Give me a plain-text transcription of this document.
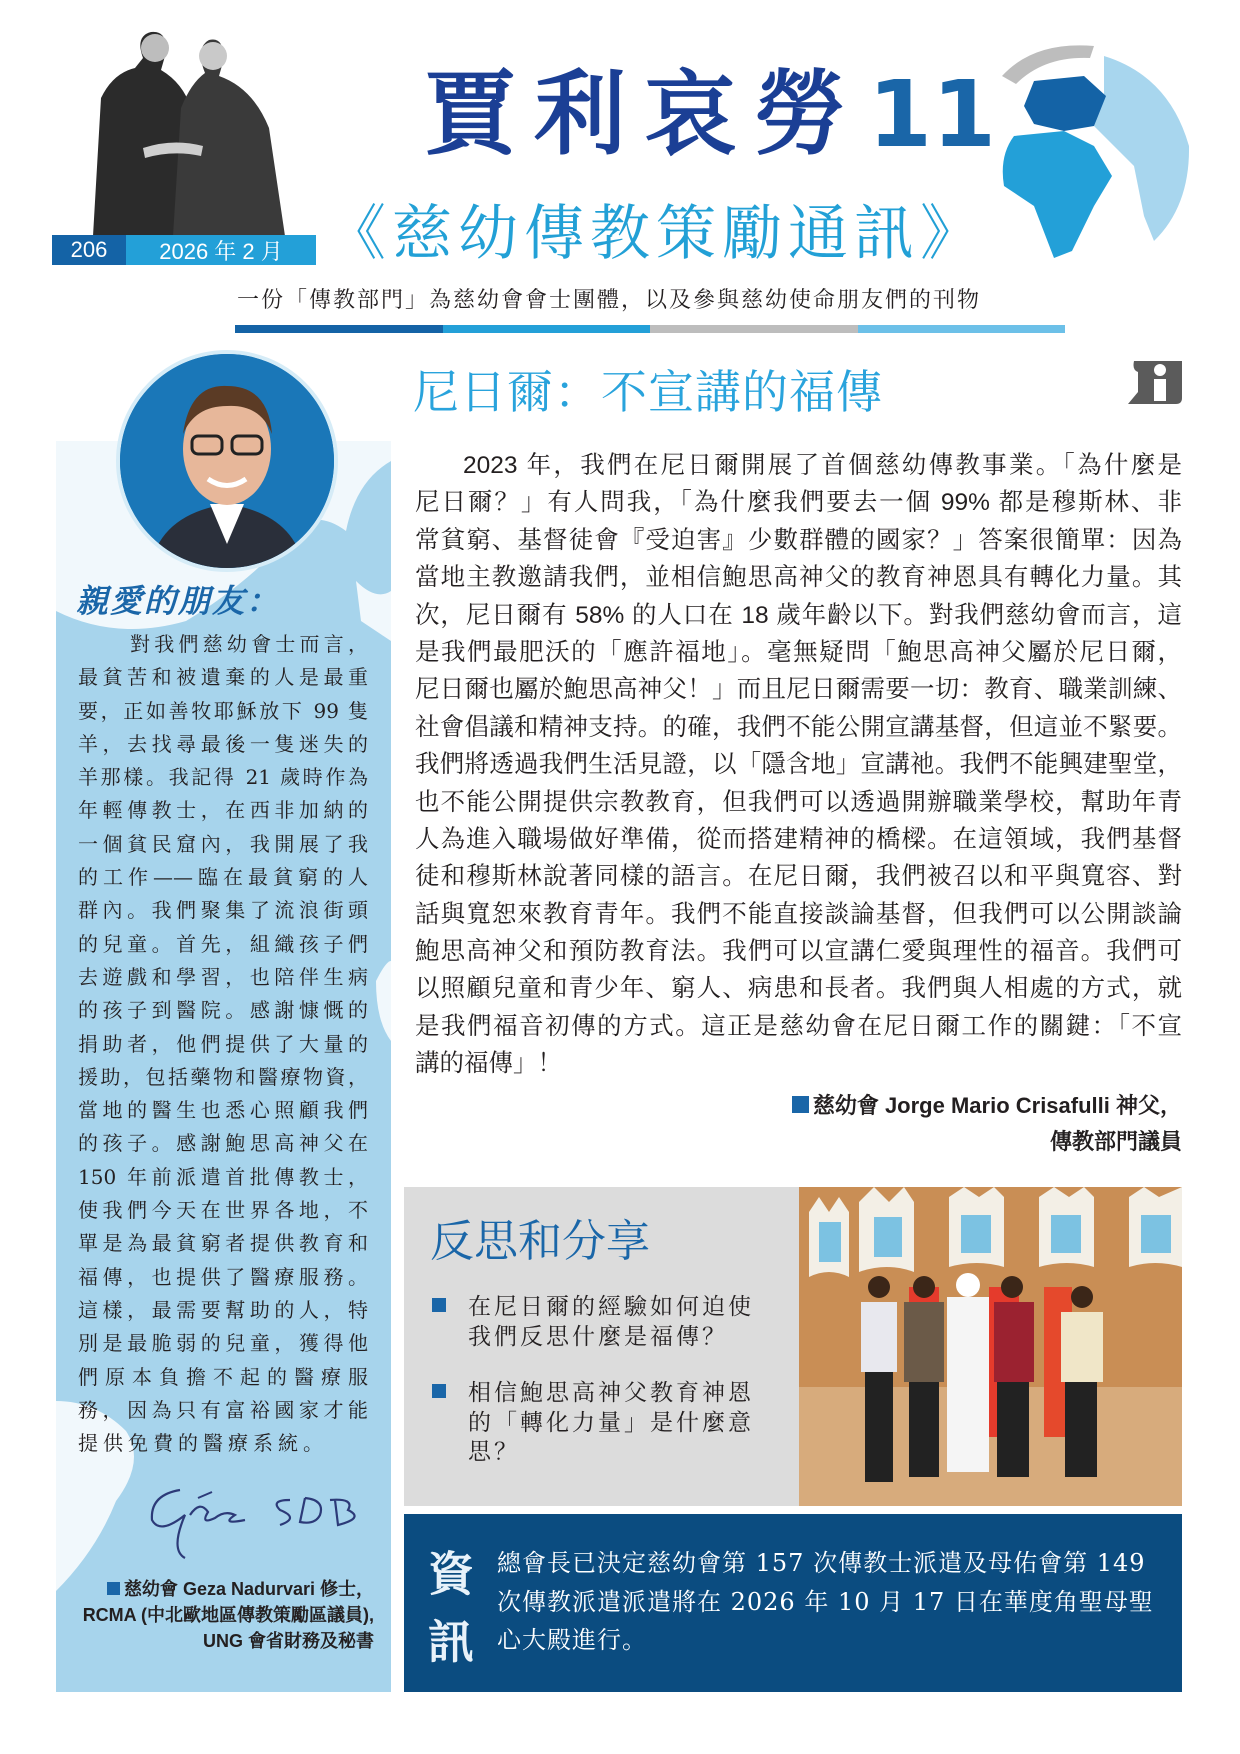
206	2026 年 2 月
賈利哀勞11
《慈幼傳教策勵通訊》
一份「傳教部門」為慈幼會會士團體，以及參與慈幼使命朋友們的刊物
親愛的朋友：
對我們慈幼會士而言，
最貧苦和被遺棄的人是最重
要，正如善牧耶穌放下 99 隻
羊，去找尋最後一隻迷失的
羊那樣。我記得 21 歲時作為
年輕傳教士，在西非加納的
一個貧民窟內，我開展了我
的工作——臨在最貧窮的人
群內。我們聚集了流浪街頭
的兒童。首先，組織孩子們
去遊戲和學習，也陪伴生病
的孩子到醫院。感謝慷慨的
捐助者，他們提供了大量的
援助，包括藥物和醫療物資，
當地的醫生也悉心照顧我們
的孩子。感謝鮑思高神父在
150 年前派遣首批傳教士，
使我們今天在世界各地，不
單是為最貧窮者提供教育和
福傳，也提供了醫療服務。
這樣，最需要幫助的人，特
別是最脆弱的兒童，獲得他
們原本負擔不起的醫療服
務，因為只有富裕國家才能
提供免費的醫療系統。
慈幼會 Geza Nadurvari 修士，
RCMA (中北歐地區傳教策勵區議員),
UNG 會省財務及秘書
尼日爾：不宣講的福傳
2023 年，我們在尼日爾開展了首個慈幼傳教事業。「為什麼是
尼日爾？」有人問我，「為什麼我們要去一個 99% 都是穆斯林、非
常貧窮、基督徒會『受迫害』少數群體的國家？」答案很簡單：因為
當地主教邀請我們，並相信鮑思高神父的教育神恩具有轉化力量。其
次，尼日爾有 58% 的人口在 18 歲年齡以下。對我們慈幼會而言，這
是我們最肥沃的「應許福地」。毫無疑問「鮑思高神父屬於尼日爾，
尼日爾也屬於鮑思高神父！」而且尼日爾需要一切：教育、職業訓練、
社會倡議和精神支持。的確，我們不能公開宣講基督，但這並不緊要。
我們將透過我們生活見證，以「隱含地」宣講祂。我們不能興建聖堂，
也不能公開提供宗教教育，但我們可以透過開辦職業學校，幫助年青
人為進入職場做好準備，從而搭建精神的橋樑。在這領域，我們基督
徒和穆斯林說著同樣的語言。在尼日爾，我們被召以和平與寬容、對
話與寬恕來教育青年。我們不能直接談論基督，但我們可以公開談論
鮑思高神父和預防教育法。我們可以宣講仁愛與理性的福音。我們可
以照顧兒童和青少年、窮人、病患和長者。我們與人相處的方式，就
是我們福音初傳的方式。這正是慈幼會在尼日爾工作的關鍵：「不宣
講的福傳」！
慈幼會 Jorge Mario Crisafulli 神父，
傳教部門議員
反思和分享
在尼日爾的經驗如何迫使我們反思什麼是福傳？
相信鮑思高神父教育神恩的「轉化力量」是什麼意思？
資訊
總會長已決定慈幼會第 157 次傳教士派遣及母佑會第 149 次傳教派遣派遣將在 2026 年 10 月 17 日在華度角聖母聖心大殿進行。
